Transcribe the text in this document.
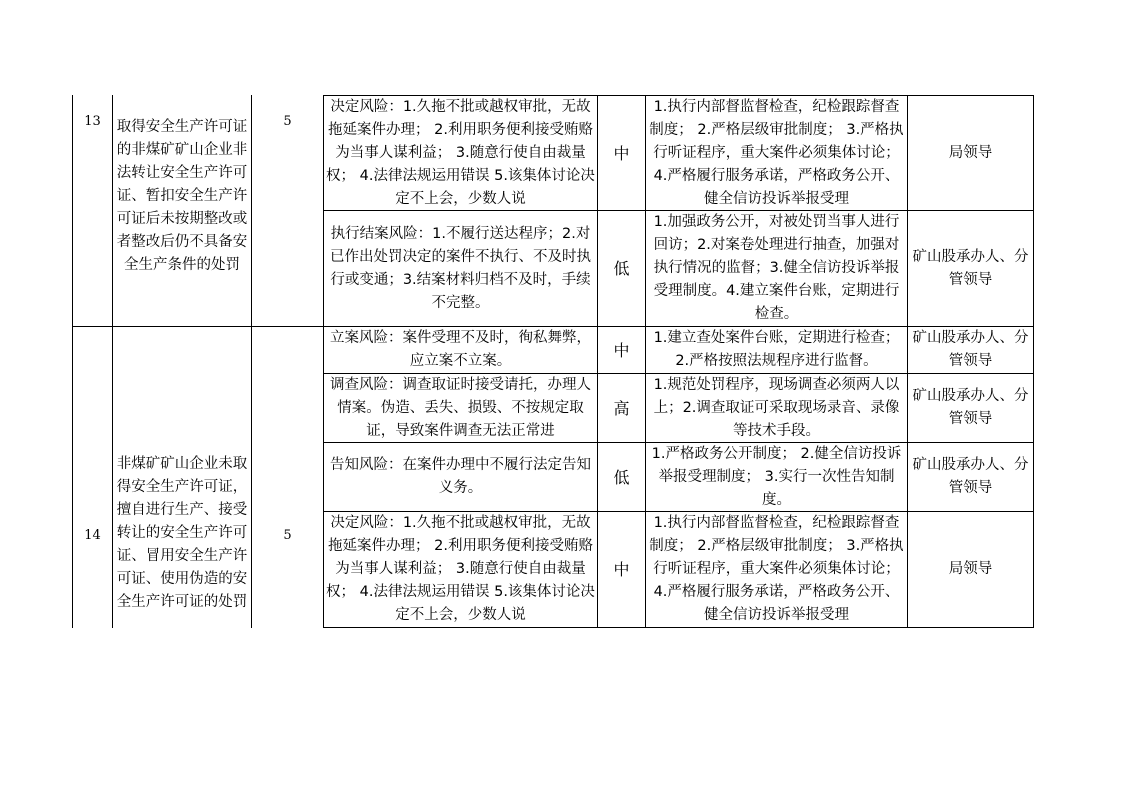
13	取得安全生产许可证的非煤矿矿山企业非法转让安全生产许可证、暂扣安全生产许可证后未按期整改或者整改后仍不具备安全生产条件的处罚
5
决定风险：1.久拖不批或越权审批，无故拖延案件办理； 2.利用职务便利接受贿赂为当事人谋利益； 3.随意行使自由裁量权； 4.法律法规运用错误 5.该集体讨论决定不上会，少数人说
中
1.执行内部督监督检查，纪检跟踪督查制度； 2.严格层级审批制度； 3.严格执行听证程序，重大案件必须集体讨论； 4.严格履行服务承诺，严格政务公开、健全信访投诉举报受理
局领导
执行结案风险：1.不履行送达程序；2.对已作出处罚决定的案件不执行、不及时执行或变通；3.结案材料归档不及时，手续不完整。
低
1.加强政务公开，对被处罚当事人进行回访；2.对案卷处理进行抽查，加强对执行情况的监督；3.健全信访投诉举报受理制度。4.建立案件台账，定期进行检查。
矿山股承办人、分管领导
14
非煤矿矿山企业未取得安全生产许可证，擅自进行生产、接受转让的安全生产许可证、冒用安全生产许可证、使用伪造的安全生产许可证的处罚
5
立案风险：案件受理不及时，徇私舞弊，应立案不立案。
中
1.建立查处案件台账，定期进行检查；2.严格按照法规程序进行监督。
矿山股承办人、分管领导
调查风险：调查取证时接受请托，办理人情案。伪造、丢失、损毁、不按规定取证，导致案件调查无法正常进
高
1.规范处罚程序，现场调查必须两人以上；2.调查取证可采取现场录音、录像等技术手段。
矿山股承办人、分管领导
告知风险：在案件办理中不履行法定告知义务。
低
1.严格政务公开制度； 2.健全信访投诉举报受理制度； 3.实行一次性告知制度。
矿山股承办人、分管领导
决定风险：1.久拖不批或越权审批，无故拖延案件办理； 2.利用职务便利接受贿赂为当事人谋利益； 3.随意行使自由裁量权； 4.法律法规运用错误 5.该集体讨论决定不上会，少数人说
中
1.执行内部督监督检查，纪检跟踪督查制度； 2.严格层级审批制度； 3.严格执行听证程序，重大案件必须集体讨论； 4.严格履行服务承诺，严格政务公开、健全信访投诉举报受理
局领导
